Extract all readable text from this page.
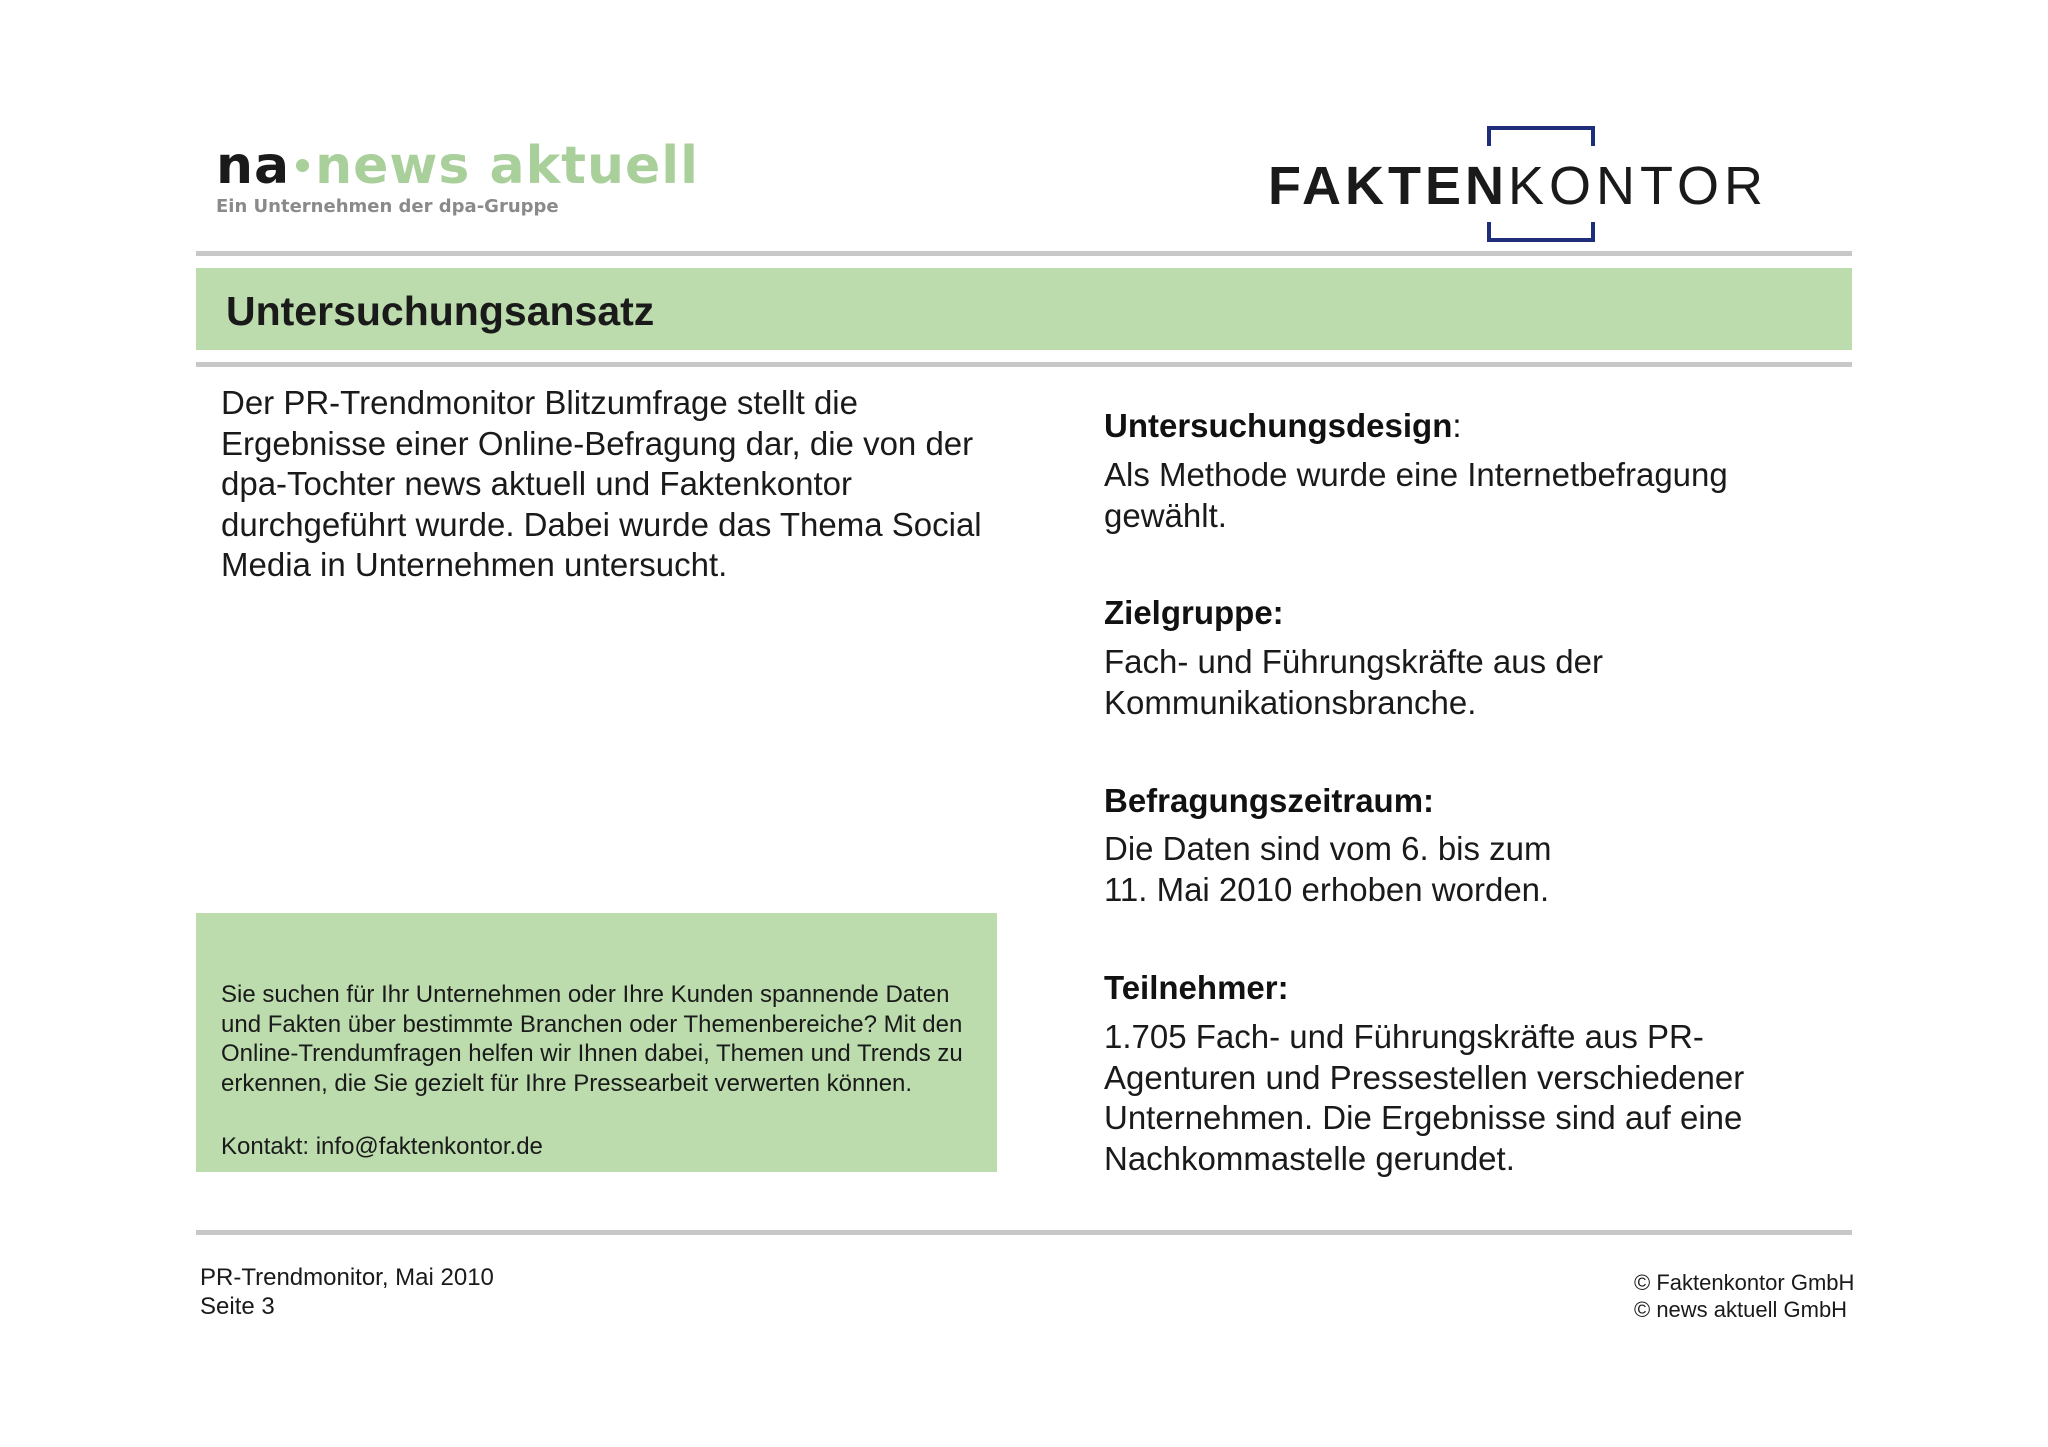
na news aktuell
Ein Unternehmen der dpa-Gruppe	FAKTENKONTOR
Untersuchungsansatz
Der PR-Trendmonitor Blitzumfrage stellt die Ergebnisse einer Online-Befragung dar, die von der dpa-Tochter news aktuell und Faktenkontor durchgeführt wurde. Dabei wurde das Thema Social Media in Unternehmen untersucht.
Sie suchen für Ihr Unternehmen oder Ihre Kunden spannende Daten und Fakten über bestimmte Branchen oder Themenbereiche? Mit den Online-Trendumfragen helfen wir Ihnen dabei, Themen und Trends zu erkennen, die Sie gezielt für Ihre Pressearbeit verwerten können.
Kontakt: info@faktenkontor.de
Untersuchungsdesign:
Als Methode wurde eine Internetbefragung gewählt.
Zielgruppe:
Fach- und Führungskräfte aus der Kommunikationsbranche.
Befragungszeitraum:
Die Daten sind vom 6. bis zum
11. Mai 2010 erhoben worden.
Teilnehmer:
1.705 Fach- und Führungskräfte aus PR-Agenturen und Pressestellen verschiedener Unternehmen. Die Ergebnisse sind auf eine Nachkommastelle gerundet.
PR-Trendmonitor, Mai 2010
Seite 3
© Faktenkontor GmbH
© news aktuell GmbH
